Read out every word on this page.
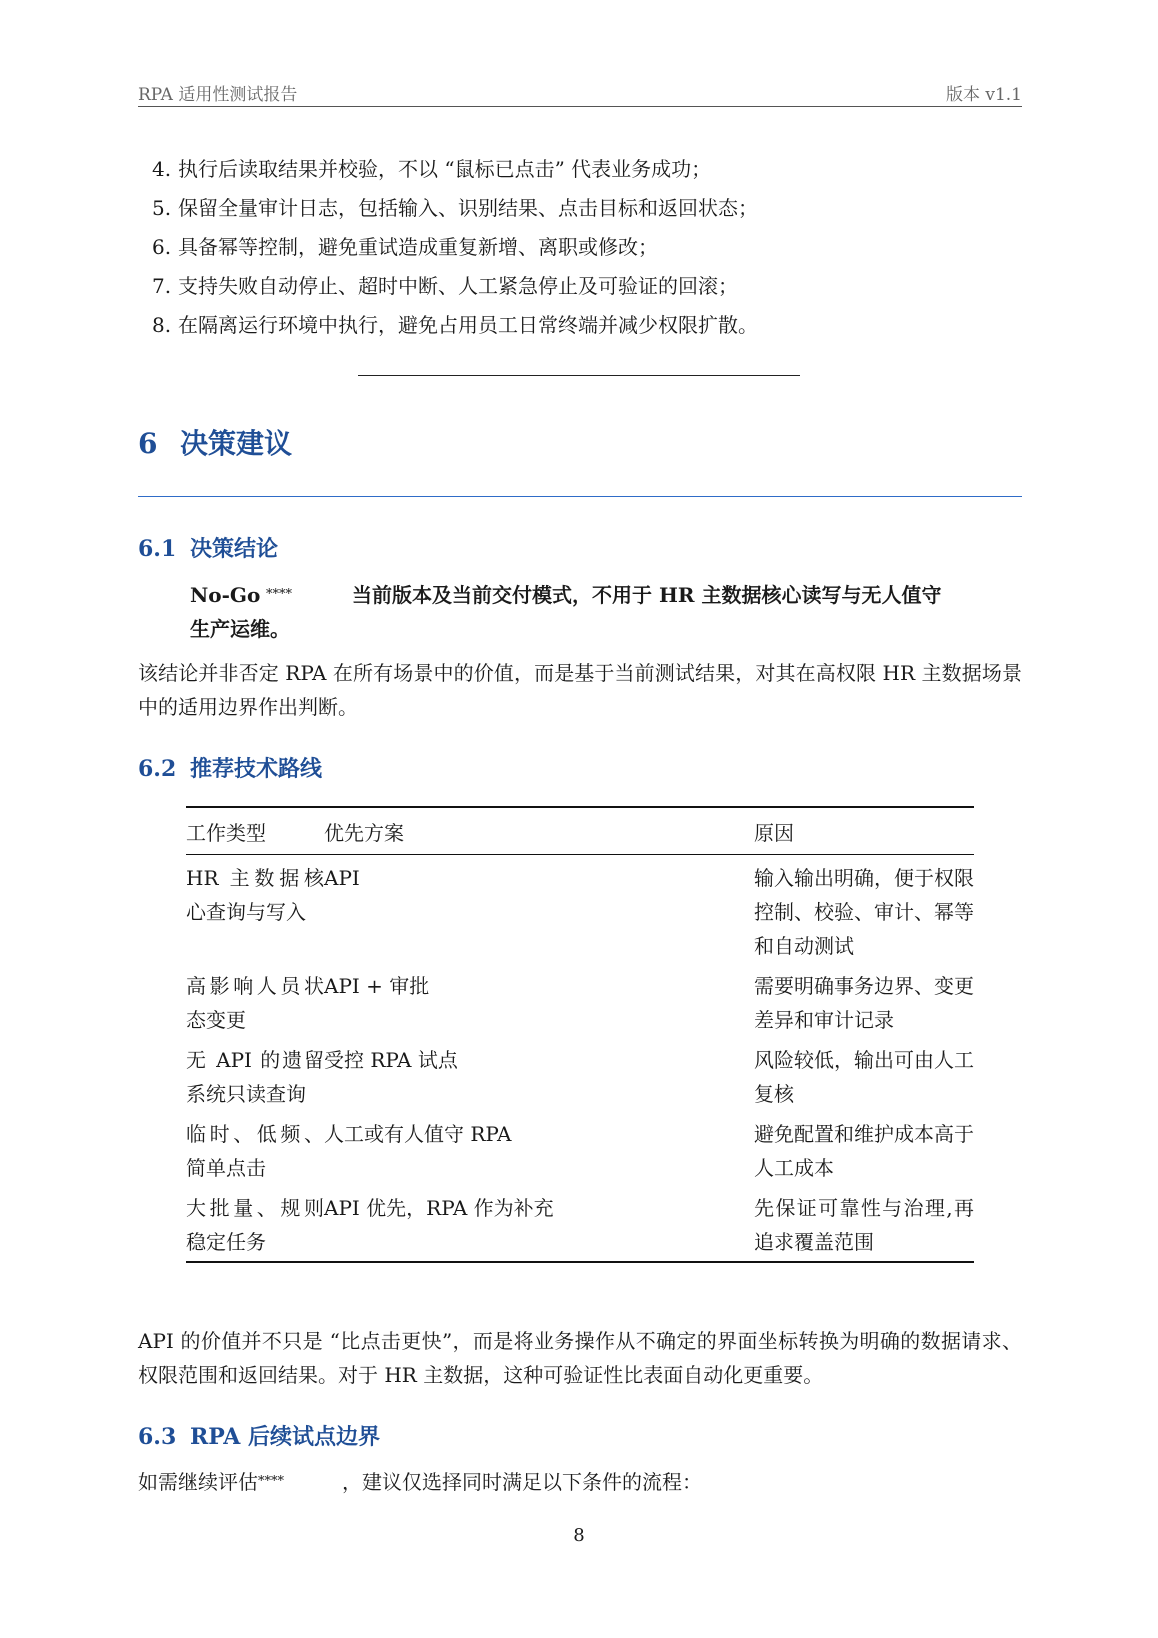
RPA 适用性测试报告	版本 v1.1
4. 执行后读取结果并校验，不以 “鼠标已点击” 代表业务成功；
5. 保留全量审计日志，包括输入、识别结果、点击目标和返回状态；
6. 具备幂等控制，避免重试造成重复新增、离职或修改；
7. 支持失败自动停止、超时中断、人工紧急停止及可验证的回滚；
8. 在隔离运行环境中执行，避免占用员工日常终端并减少权限扩散。
6 决策建议
6.1 决策结论
No-Go ****	当前版本及当前交付模式，不用于 HR 主数据核心读写与无人值守
生产运维。
该结论并非否定 RPA 在所有场景中的价值，而是基于当前测试结果，对其在高权限 HR 主数据场景中的适用边界作出判断。
6.2 推荐技术路线
工作类型	优先方案	原因
HR 主数据核心查询与写入	API	输入输出明确，便于权限控制、校验、审计、幂等和自动测试
高影响人员状态变更	API + 审批	需要明确事务边界、变更差异和审计记录
无 API 的遗留系统只读查询	受控 RPA 试点	风险较低，输出可由人工复核
临时、低频、简单点击	人工或有人值守 RPA	避免配置和维护成本高于人工成本
大批量、规则稳定任务	API 优先，RPA 作为补充	先保证可靠性与治理,再追求覆盖范围
API 的价值并不只是 “比点击更快”，而是将业务操作从不确定的界面坐标转换为明确的数据请求、权限范围和返回结果。对于 HR 主数据，这种可验证性比表面自动化更重要。
6.3 RPA 后续试点边界
如需继续评估****	，建议仅选择同时满足以下条件的流程：
8
